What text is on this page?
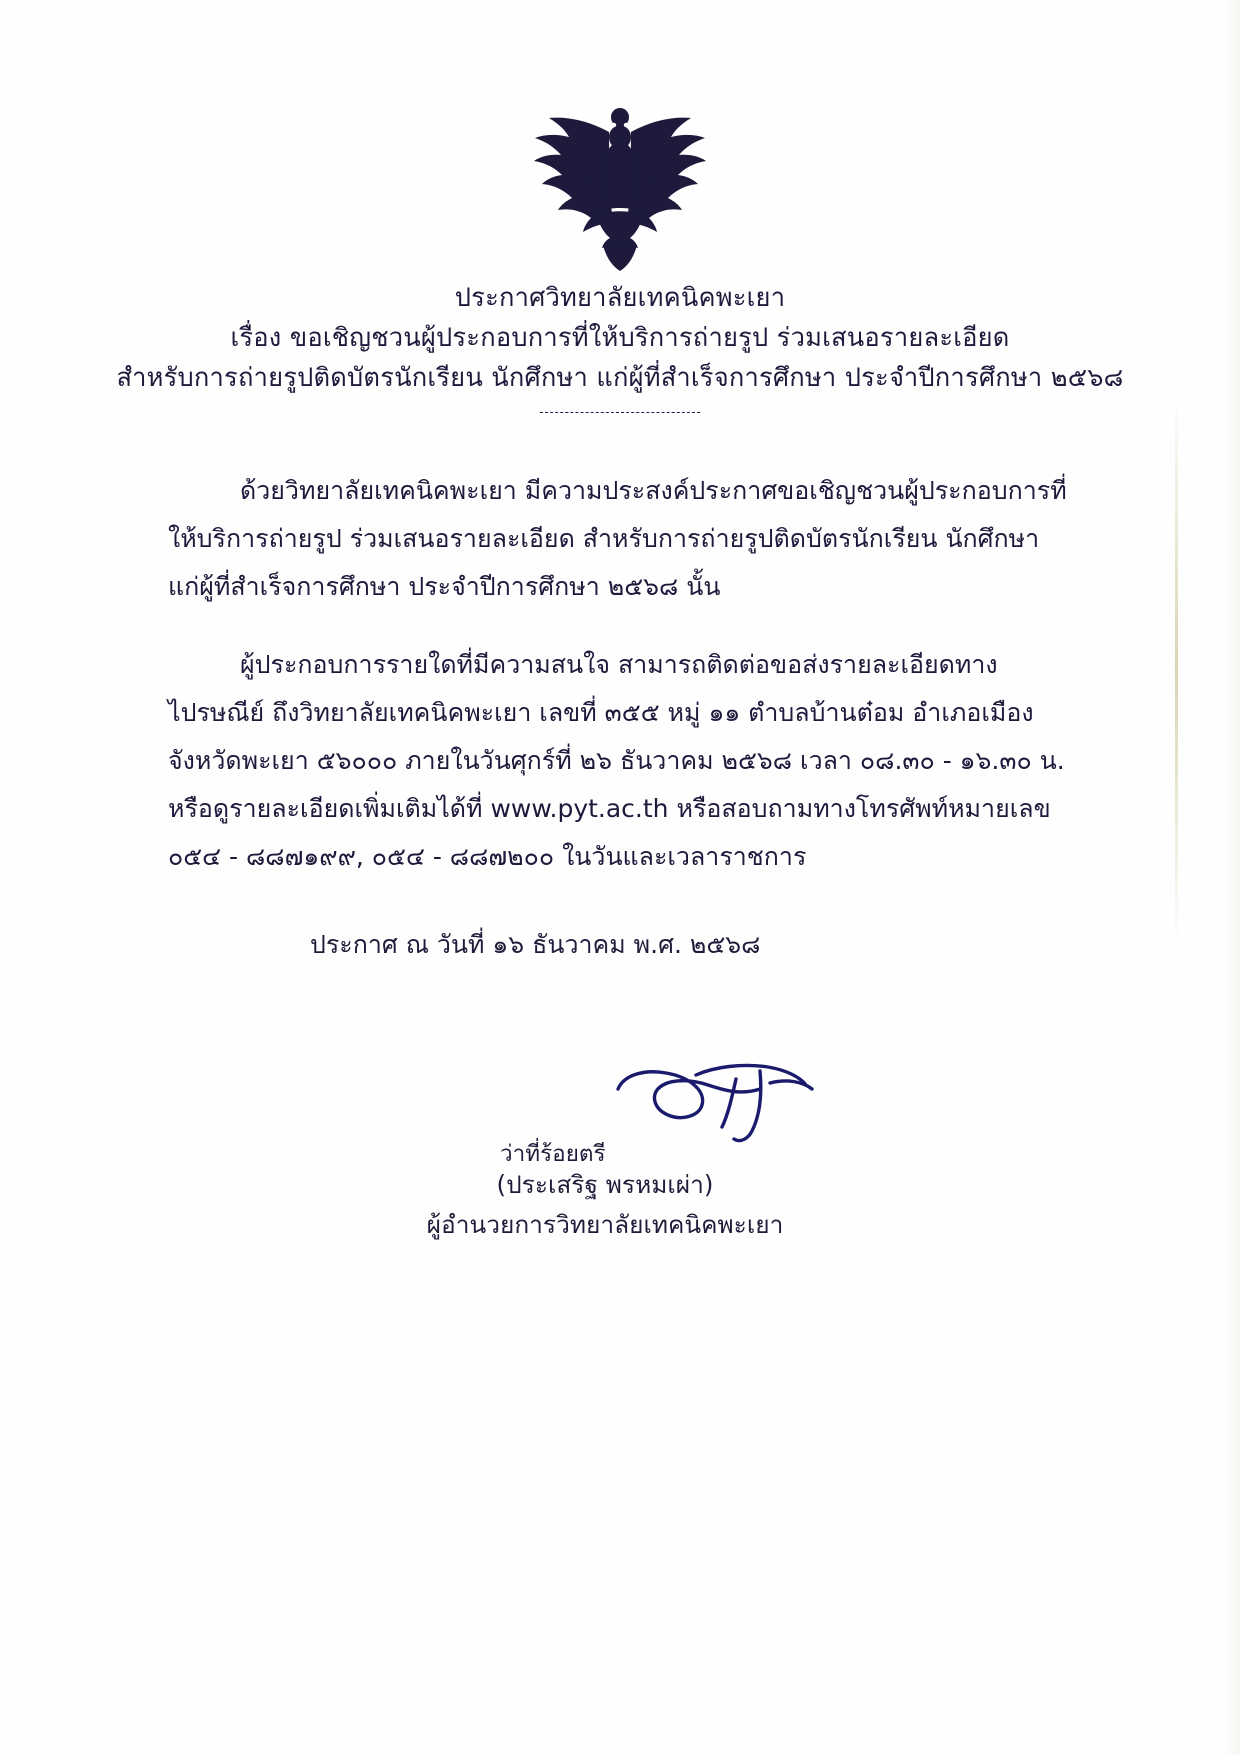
ประกาศวิทยาลัยเทคนิคพะเยา
เรื่อง ขอเชิญชวนผู้ประกอบการที่ให้บริการถ่ายรูป ร่วมเสนอรายละเอียด
สำหรับการถ่ายรูปติดบัตรนักเรียน นักศึกษา แก่ผู้ที่สำเร็จการศึกษา ประจำปีการศึกษา ๒๕๖๘
ด้วยวิทยาลัยเทคนิคพะเยา มีความประสงค์ประกาศขอเชิญชวนผู้ประกอบการที่ให้บริการถ่ายรูป ร่วมเสนอรายละเอียด สำหรับการถ่ายรูปติดบัตรนักเรียน นักศึกษา แก่ผู้ที่สำเร็จการศึกษา ประจำปีการศึกษา ๒๕๖๘ นั้น
ผู้ประกอบการรายใดที่มีความสนใจ สามารถติดต่อขอส่งรายละเอียดทางไปรษณีย์ ถึงวิทยาลัยเทคนิคพะเยา เลขที่ ๓๕๕ หมู่ ๑๑ ตำบลบ้านต๋อม อำเภอเมือง จังหวัดพะเยา ๕๖๐๐๐ ภายในวันศุกร์ที่ ๒๖ ธันวาคม ๒๕๖๘ เวลา ๐๘.๓๐ - ๑๖.๓๐ น. หรือดูรายละเอียดเพิ่มเติมได้ที่ www.pyt.ac.th หรือสอบถามทางโทรศัพท์หมายเลข ๐๕๔ - ๘๘๗๑๙๙, ๐๕๔ - ๘๘๗๒๐๐ ในวันและเวลาราชการ
ประกาศ ณ วันที่ ๑๖ ธันวาคม พ.ศ. ๒๕๖๘
ว่าที่ร้อยตรี
(ประเสริฐ พรหมเผ่า)
ผู้อำนวยการวิทยาลัยเทคนิคพะเยา
